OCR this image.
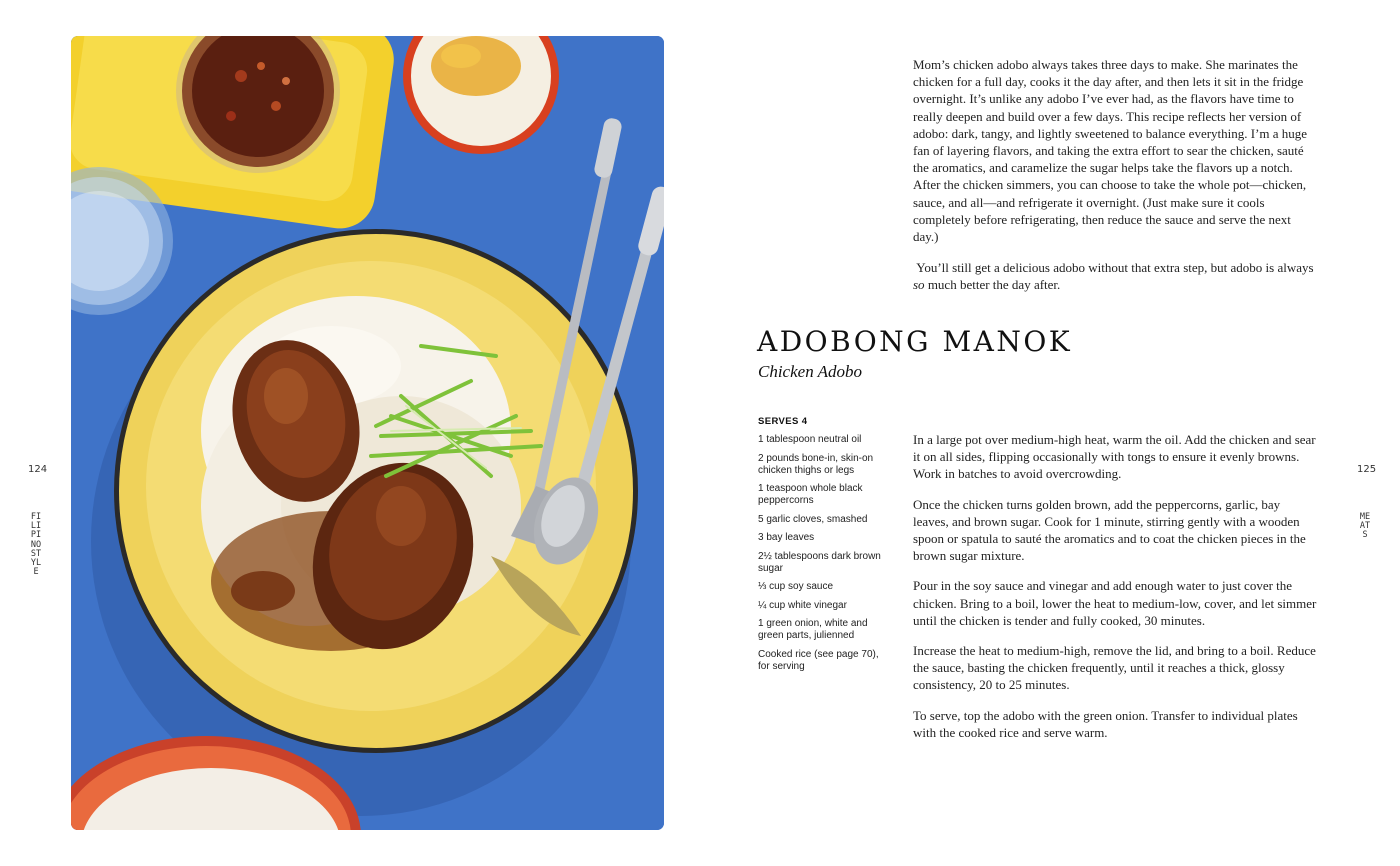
124	125
FILIPINO STYLE
MEATS

Mom’s chicken adobo always takes three days to make. She marinates the chicken for a full day, cooks it the day after, and then lets it sit in the fridge overnight. It’s unlike any adobo I’ve ever had, as the flavors have time to really deepen and build over a few days. This recipe reflects her version of adobo: dark, tangy, and lightly sweetened to balance everything. I’m a huge fan of layering flavors, and taking the extra effort to sear the chicken, sauté the aromatics, and caramelize the sugar helps take the flavors up a notch. After the chicken simmers, you can choose to take the whole pot—chicken, sauce, and all—and refrigerate it overnight. (Just make sure it cools completely before refrigerating, then reduce the sauce and serve the next day.)

You’ll still get a delicious adobo without that extra step, but adobo is always so much better the day after.

ADOBONG MANOK
Chicken Adobo
SERVES 4
1 tablespoon neutral oil
2 pounds bone-in, skin-on chicken thighs or legs
1 teaspoon whole black peppercorns
5 garlic cloves, smashed
3 bay leaves
2½ tablespoons dark brown sugar
⅓ cup soy sauce
¼ cup white vinegar
1 green onion, white and green parts, julienned
Cooked rice (see page 70), for serving

In a large pot over medium-high heat, warm the oil. Add the chicken and sear it on all sides, flipping occasionally with tongs to ensure it evenly browns. Work in batches to avoid overcrowding.

Once the chicken turns golden brown, add the peppercorns, garlic, bay leaves, and brown sugar. Cook for 1 minute, stirring gently with a wooden spoon or spatula to sauté the aromatics and to coat the chicken pieces in the brown sugar mixture.

Pour in the soy sauce and vinegar and add enough water to just cover the chicken. Bring to a boil, lower the heat to medium-low, cover, and let simmer until the chicken is tender and fully cooked, 30 minutes.

Increase the heat to medium-high, remove the lid, and bring to a boil. Reduce the sauce, basting the chicken frequently, until it reaches a thick, glossy consistency, 20 to 25 minutes.

To serve, top the adobo with the green onion. Transfer to individual plates with the cooked rice and serve warm.
